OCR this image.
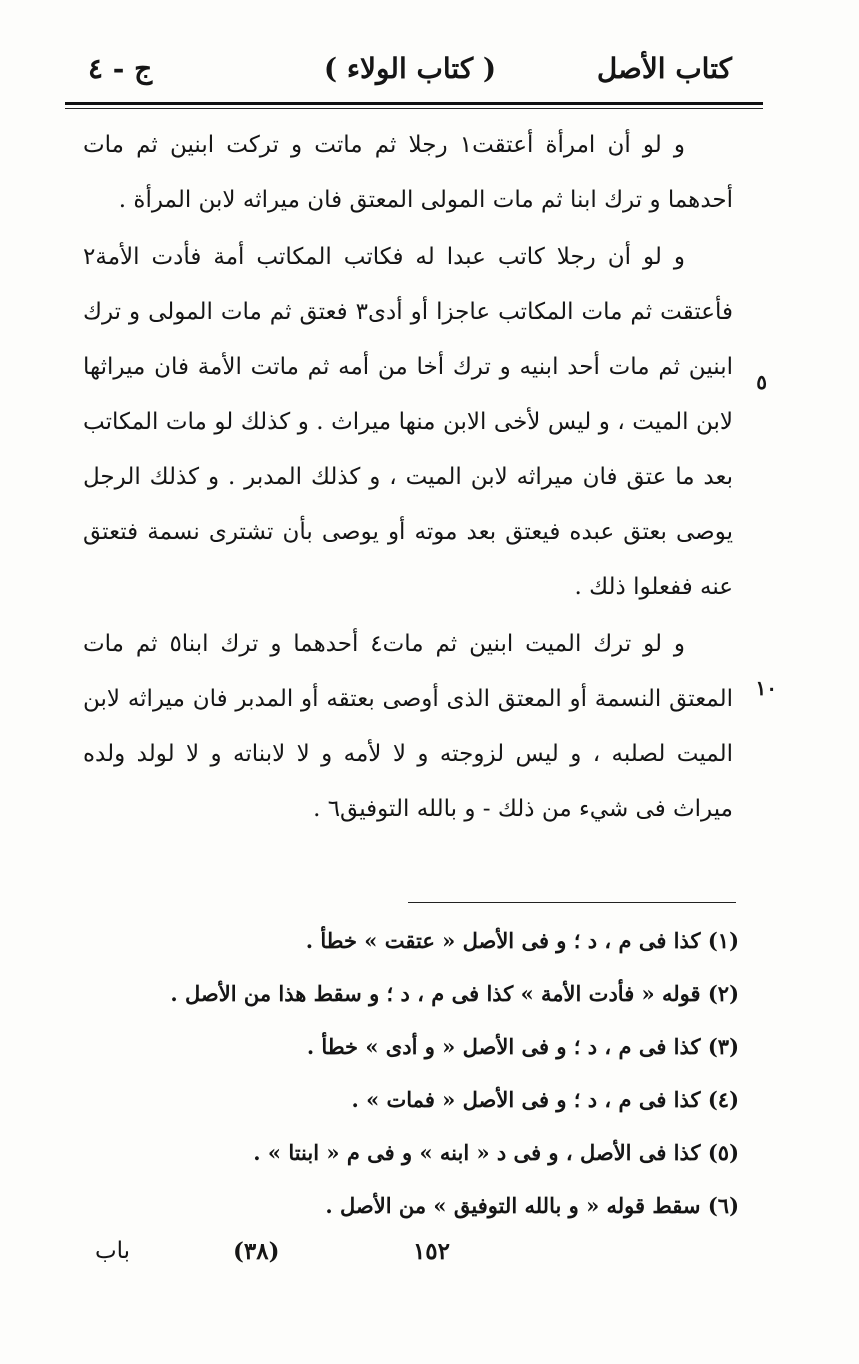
كتاب الأصل
( كتاب الولاء )
ج - ٤

و لو أن امرأة أعتقت١ رجلا ثم ماتت و تركت ابنين ثم مات أحدهما و ترك ابنا ثم مات المولى المعتق فان ميراثه لابن المرأة .

و لو أن رجلا كاتب عبدا له فكاتب المكاتب أمة فأدت الأمة٢ فأعتقت ثم مات المكاتب عاجزا أو أدى٣ فعتق ثم مات المولى و ترك ابنين ثم مات أحد ابنيه و ترك أخا من أمه ثم ماتت الأمة فان ميراثها لابن الميت ، و ليس لأخى الابن منها ميراث . و كذلك لو مات المكاتب بعد ما عتق فان ميراثه لابن الميت ، و كذلك المدبر . و كذلك الرجل يوصى بعتق عبده فيعتق بعد موته أو يوصى بأن تشترى نسمة فتعتق عنه ففعلوا ذلك .

و لو ترك الميت ابنين ثم مات٤ أحدهما و ترك ابنا٥ ثم مات المعتق النسمة أو المعتق الذى أوصى بعتقه أو المدبر فان ميراثه لابن الميت لصلبه ، و ليس لزوجته و لا لأمه و لا لابناته و لا لولد ولده ميراث فى شيء من ذلك - و بالله التوفيق٦ .

٥
١٠
(١) كذا فى م ، د ؛ و فى الأصل « عتقت » خطأ .
(٢) قوله « فأدت الأمة » كذا فى م ، د ؛ و سقط هذا من الأصل .
(٣) كذا فى م ، د ؛ و فى الأصل « و أدى » خطأ .
(٤) كذا فى م ، د ؛ و فى الأصل « فمات » .
(٥) كذا فى الأصل ، و فى د « ابنه » و فى م « ابنتا » .
(٦) سقط قوله « و بالله التوفيق » من الأصل .
١٥٢
(٣٨)
باب
